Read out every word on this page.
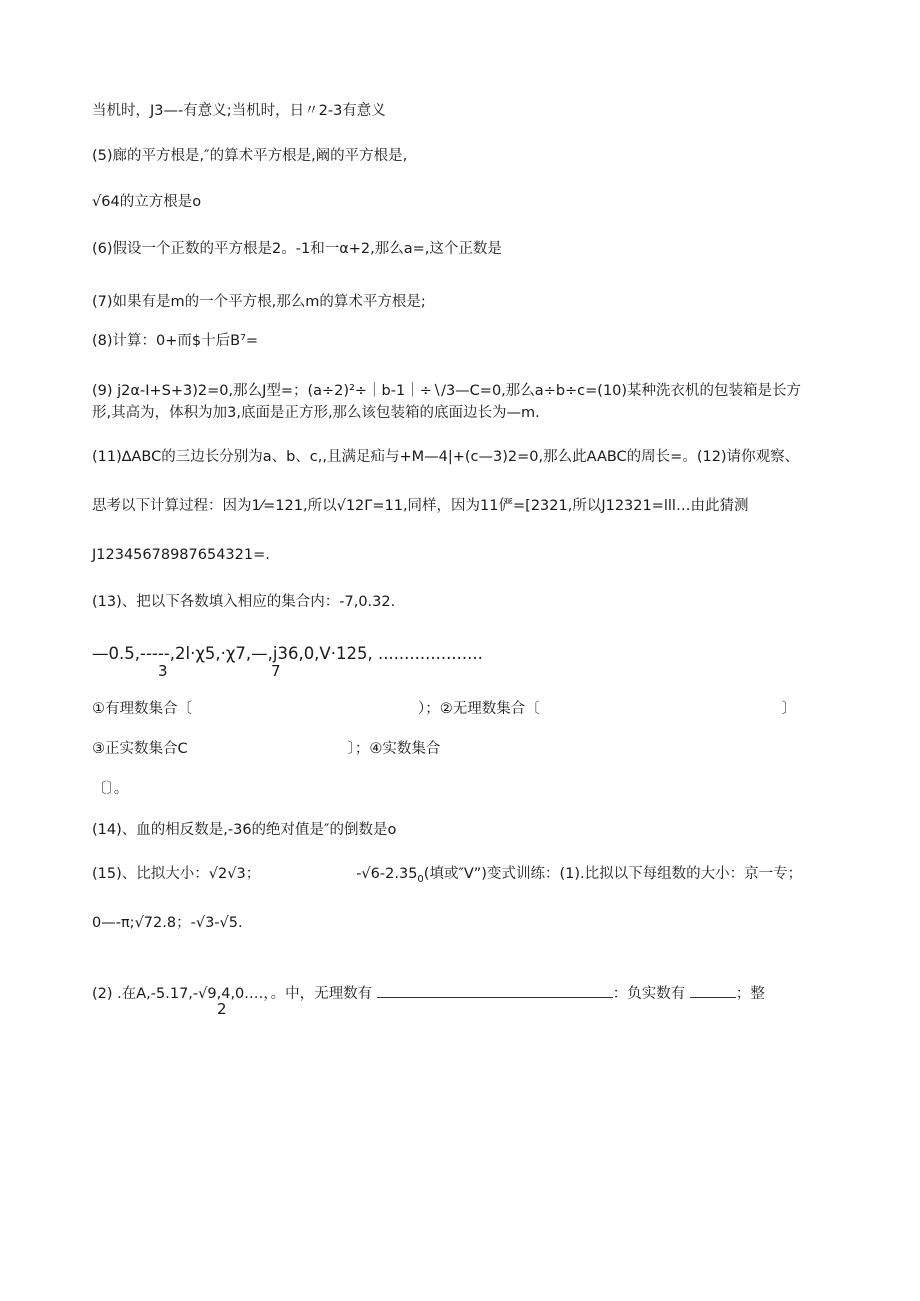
当机时，J3—-有意义;当机时，日〃2-3有意义
(5)廊的平方根是,″的算术平方根是,阚的平方根是,
√64的立方根是o
(6)假设一个正数的平方根是2。-1和一α+2,那么a=,这个正数是
(7)如果有是m的一个平方根,那么m的算术平方根是;
(8)计算：0+而$十后B⁷=
(9) j2α-I+S+3)2=0,那么J型=；(a÷2)²÷｜b-1｜÷∖/3—C=0,那么a÷b÷c=(10)某种洗衣机的包装箱是长方
形,其高为，体积为加3,底面是正方形,那么该包装箱的底面边长为—m.
(11)∆ABC的三边长分别为a、b、c,,且满足疝与+M—4|+(c—3)2=0,那么此AABC的周长=。(12)请你观察、
思考以下计算过程：因为1⁄=121,所以√12Γ=11,同样，因为11俨=[2321,所以J12321=lll…由此猜测
J12345678987654321=.
(13)、把以下各数填入相应的集合内：-7,0.32.
—0.5,-----,2l·χ5,·χ7,—,j36,0,V·125, ....................
3	7
①有理数集合〔	）；②无理数集合〔	〕
③正实数集合C	〕；④实数集合
〔〕。
(14)、血的相反数是,-36的绝对值是″的倒数是o
(15)、比拟大小：√2√3；	$-√6-2.35_0$(填或″V”)变式训练：(1).比拟以下每组数的大小：京一专；
0—-π;√72.8；-√3-√5.
(2) .在A,-5.17,-√9,4,0.…，。中，无理数有	：负实数有	；整
2
